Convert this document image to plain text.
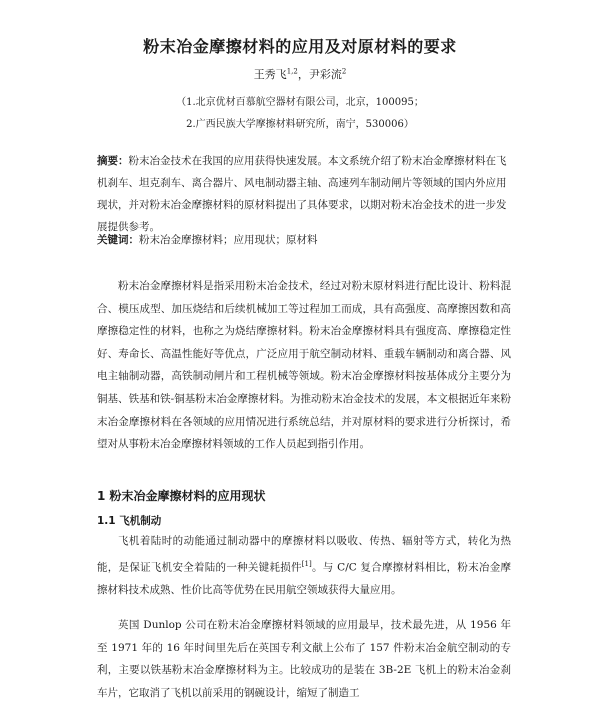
粉末冶金摩擦材料的应用及对原材料的要求
王秀飞$^{1,2}$，尹彩流$^2$
（1.北京优材百慕航空器材有限公司，北京，100095；
2.广西民族大学摩擦材料研究所，南宁，530006）
摘要：粉末冶金技术在我国的应用获得快速发展。本文系统介绍了粉末冶金摩擦材料在飞机刹车、坦克刹车、离合器片、风电制动器主轴、高速列车制动闸片等领域的国内外应用现状，并对粉末冶金摩擦材料的原材料提出了具体要求，以期对粉末冶金技术的进一步发展提供参考。
关键词：粉末冶金摩擦材料；应用现状；原材料
粉末冶金摩擦材料是指采用粉末冶金技术，经过对粉末原材料进行配比设计、粉料混合、模压成型、加压烧结和后续机械加工等过程加工而成，具有高强度、高摩擦因数和高摩擦稳定性的材料，也称之为烧结摩擦材料。粉末冶金摩擦材料具有强度高、摩擦稳定性好、寿命长、高温性能好等优点，广泛应用于航空制动材料、重载车辆制动和离合器、风电主轴制动器，高铁制动闸片和工程机械等领域。粉末冶金摩擦材料按基体成分主要分为铜基、铁基和铁-铜基粉末冶金摩擦材料。为推动粉末冶金技术的发展，本文根据近年来粉末冶金摩擦材料在各领域的应用情况进行系统总结，并对原材料的要求进行分析探讨，希望对从事粉末冶金摩擦材料领域的工作人员起到指引作用。
1 粉末冶金摩擦材料的应用现状
1.1 飞机制动
飞机着陆时的动能通过制动器中的摩擦材料以吸收、传热、辐射等方式，转化为热能，是保证飞机安全着陆的一种关键耗损件[1]。与 C/C 复合摩擦材料相比，粉末冶金摩擦材料技术成熟、性价比高等优势在民用航空领域获得大量应用。
英国 Dunlop 公司在粉末冶金摩擦材料领域的应用最早，技术最先进，从 1956 年至 1971 年的 16 年时间里先后在英国专利文献上公布了 157 件粉末冶金航空制动的专利，主要以铁基粉末冶金摩擦材料为主。比较成功的是装在 3B-2E 飞机上的粉末冶金刹车片，它取消了飞机以前采用的钢碗设计，缩短了制造工
